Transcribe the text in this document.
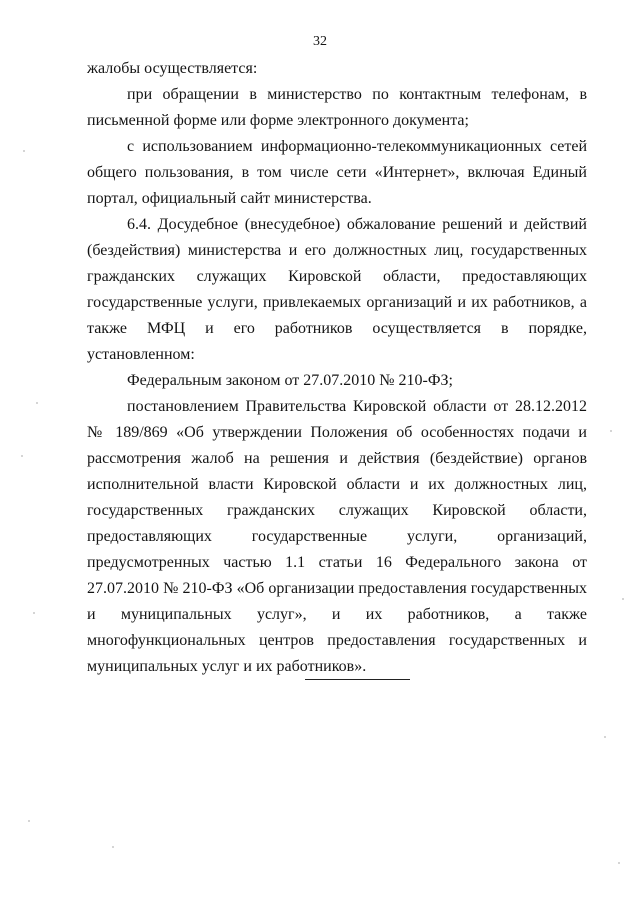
32

жалобы осуществляется:

при обращении в министерство по контактным телефонам, в письменной форме или форме электронного документа;

с использованием информационно-телекоммуникационных сетей общего пользования, в том числе сети «Интернет», включая Единый портал, официальный сайт министерства.

6.4. Досудебное (внесудебное) обжалование решений и действий (бездействия) министерства и его должностных лиц, государственных гражданских служащих Кировской области, предоставляющих государственные услуги, привлекаемых организаций и их работников, а также МФЦ и его работников осуществляется в порядке, установленном:

Федеральным законом от 27.07.2010 № 210-ФЗ;

постановлением Правительства Кировской области от 28.12.2012 № 189/869 «Об утверждении Положения об особенностях подачи и рассмотрения жалоб на решения и действия (бездействие) органов исполнительной власти Кировской области и их должностных лиц, государственных гражданских служащих Кировской области, предоставляющих государственные услуги, организаций, предусмотренных частью 1.1 статьи 16 Федерального закона от 27.07.2010 № 210-ФЗ «Об организации предоставления государственных и муниципальных услуг», и их работников, а также многофункциональных центров предоставления государственных и муниципальных услуг и их работников».
